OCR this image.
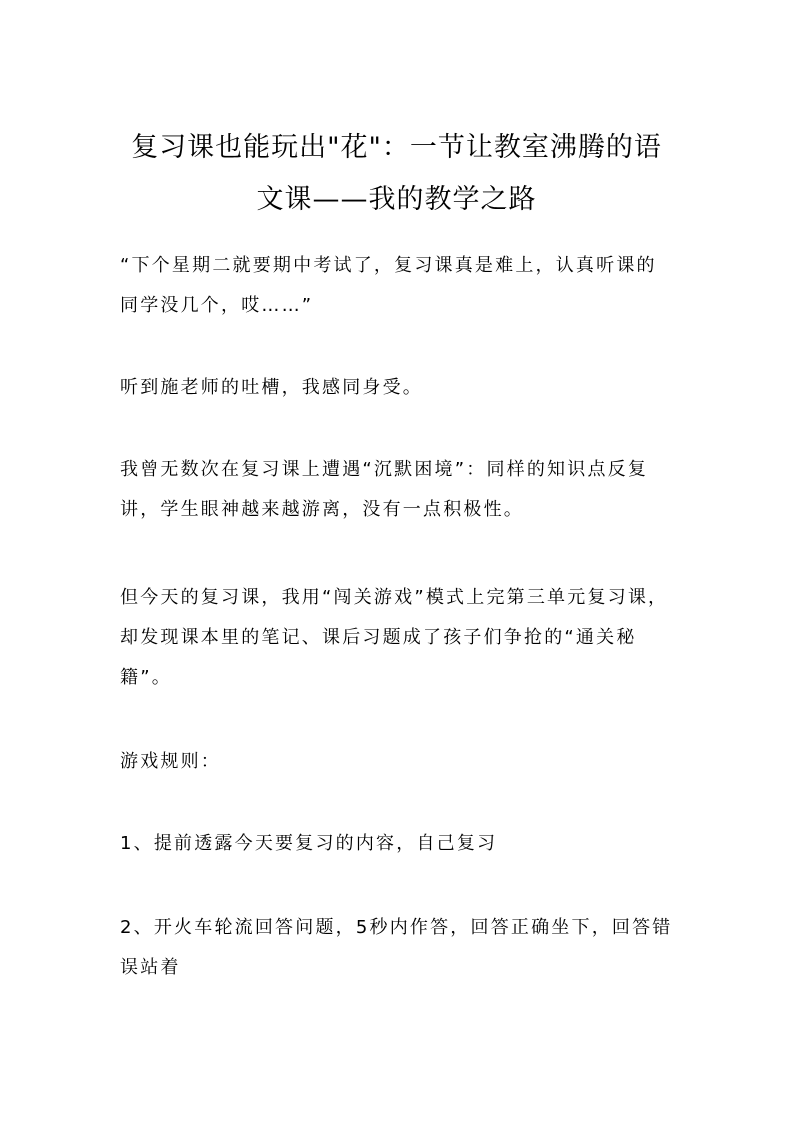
复习课也能玩出"花"：一节让教室沸腾的语文课——我的教学之路
“下个星期二就要期中考试了，复习课真是难上，认真听课的同学没几个，哎……”
听到施老师的吐槽，我感同身受。
我曾无数次在复习课上遭遇“沉默困境”：同样的知识点反复讲，学生眼神越来越游离，没有一点积极性。
但今天的复习课，我用“闯关游戏”模式上完第三单元复习课，却发现课本里的笔记、课后习题成了孩子们争抢的“通关秘籍”。
游戏规则：
1、提前透露今天要复习的内容，自己复习
2、开火车轮流回答问题，5秒内作答，回答正确坐下，回答错误站着
